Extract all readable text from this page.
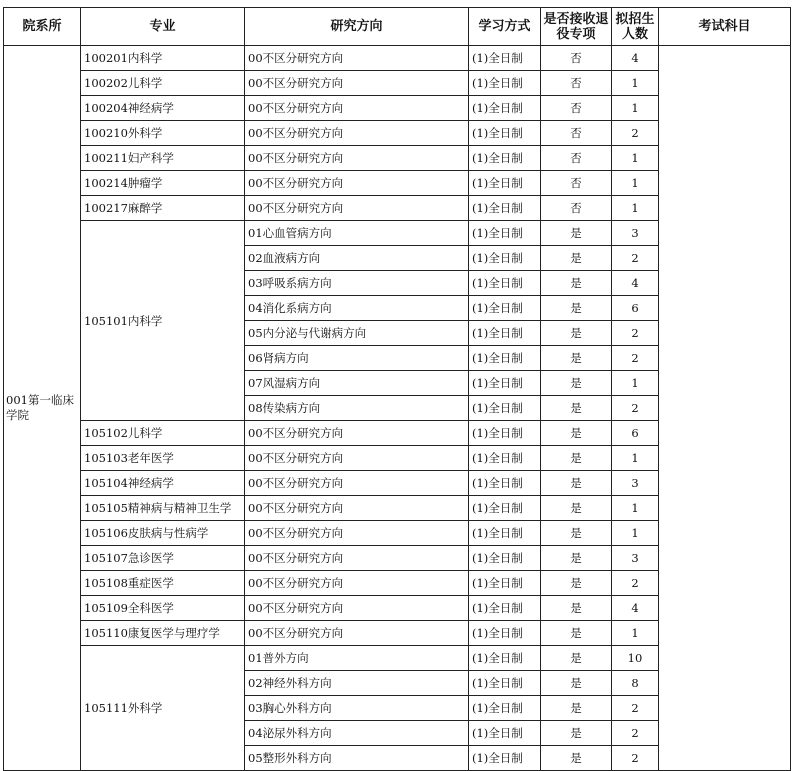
院系所	专业	研究方向	学习方式	是否接收退役专项	拟招生人数	考试科目
001第一临床学院	100201内科学	00不区分研究方向	(1)全日制	否	4	
	100202儿科学	00不区分研究方向	(1)全日制	否	1	
	100204神经病学	00不区分研究方向	(1)全日制	否	1	
	100210外科学	00不区分研究方向	(1)全日制	否	2	
	100211妇产科学	00不区分研究方向	(1)全日制	否	1	
	100214肿瘤学	00不区分研究方向	(1)全日制	否	1	
	100217麻醉学	00不区分研究方向	(1)全日制	否	1	
	105101内科学	01心血管病方向	(1)全日制	是	3	
		02血液病方向	(1)全日制	是	2	
		03呼吸系病方向	(1)全日制	是	4	
		04消化系病方向	(1)全日制	是	6	
		05内分泌与代谢病方向	(1)全日制	是	2	
		06肾病方向	(1)全日制	是	2	
		07风湿病方向	(1)全日制	是	1	
		08传染病方向	(1)全日制	是	2	
	105102儿科学	00不区分研究方向	(1)全日制	是	6	
	105103老年医学	00不区分研究方向	(1)全日制	是	1	
	105104神经病学	00不区分研究方向	(1)全日制	是	3	
	105105精神病与精神卫生学	00不区分研究方向	(1)全日制	是	1	
	105106皮肤病与性病学	00不区分研究方向	(1)全日制	是	1	
	105107急诊医学	00不区分研究方向	(1)全日制	是	3	
	105108重症医学	00不区分研究方向	(1)全日制	是	2	
	105109全科医学	00不区分研究方向	(1)全日制	是	4	
	105110康复医学与理疗学	00不区分研究方向	(1)全日制	是	1	
	105111外科学	01普外方向	(1)全日制	是	10	
		02神经外科方向	(1)全日制	是	8	
		03胸心外科方向	(1)全日制	是	2	
		04泌尿外科方向	(1)全日制	是	2	
		05整形外科方向	(1)全日制	是	2	
